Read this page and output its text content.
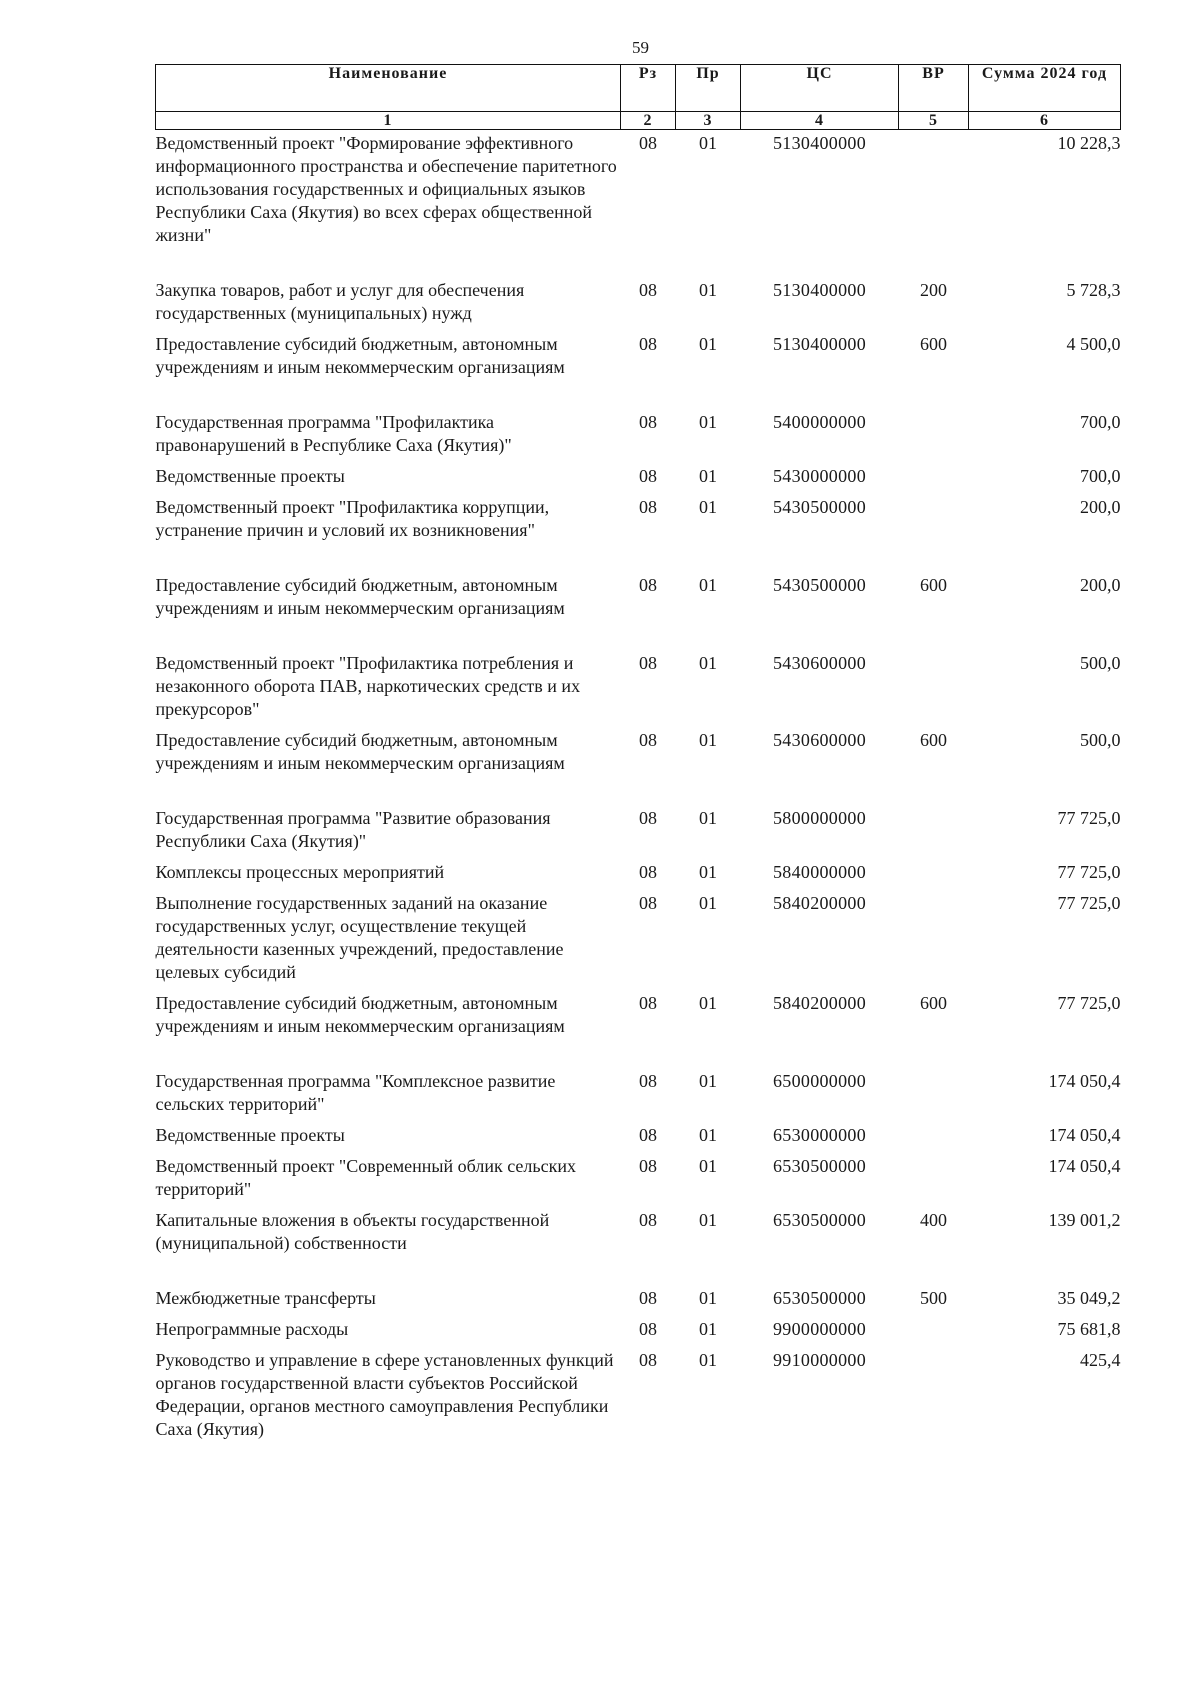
59
Наименование	Рз	Пр	ЦС	ВР	Сумма 2024 год
1	2	3	4	5	6
Ведомственный проект "Формирование эффективного информационного пространства и обеспечение паритетного использования государственных и официальных языков Республики Саха (Якутия) во всех сферах общественной жизни"	08	01	5130400000		10 228,3
Закупка товаров, работ и услуг для обеспечения государственных (муниципальных) нужд	08	01	5130400000	200	5 728,3
Предоставление субсидий бюджетным, автономным учреждениям и иным некоммерческим организациям	08	01	5130400000	600	4 500,0
Государственная программа "Профилактика правонарушений в Республике Саха (Якутия)"	08	01	5400000000		700,0
Ведомственные проекты	08	01	5430000000		700,0
Ведомственный проект "Профилактика коррупции, устранение причин и условий их возникновения"	08	01	5430500000		200,0
Предоставление субсидий бюджетным, автономным учреждениям и иным некоммерческим организациям	08	01	5430500000	600	200,0
Ведомственный проект "Профилактика потребления и незаконного оборота ПАВ, наркотических средств и их прекурсоров"	08	01	5430600000		500,0
Предоставление субсидий бюджетным, автономным учреждениям и иным некоммерческим организациям	08	01	5430600000	600	500,0
Государственная программа "Развитие образования Республики Саха (Якутия)"	08	01	5800000000		77 725,0
Комплексы процессных мероприятий	08	01	5840000000		77 725,0
Выполнение государственных заданий на оказание государственных услуг, осуществление текущей деятельности казенных учреждений, предоставление целевых субсидий	08	01	5840200000		77 725,0
Предоставление субсидий бюджетным, автономным учреждениям и иным некоммерческим организациям	08	01	5840200000	600	77 725,0
Государственная программа "Комплексное развитие сельских территорий"	08	01	6500000000		174 050,4
Ведомственные проекты	08	01	6530000000		174 050,4
Ведомственный проект "Современный облик сельских территорий"	08	01	6530500000		174 050,4
Капитальные вложения в объекты государственной (муниципальной) собственности	08	01	6530500000	400	139 001,2
Межбюджетные трансферты	08	01	6530500000	500	35 049,2
Непрограммные расходы	08	01	9900000000		75 681,8
Руководство и управление в сфере установленных функций органов государственной власти субъектов Российской Федерации, органов местного самоуправления Республики Саха (Якутия)	08	01	9910000000		425,4
